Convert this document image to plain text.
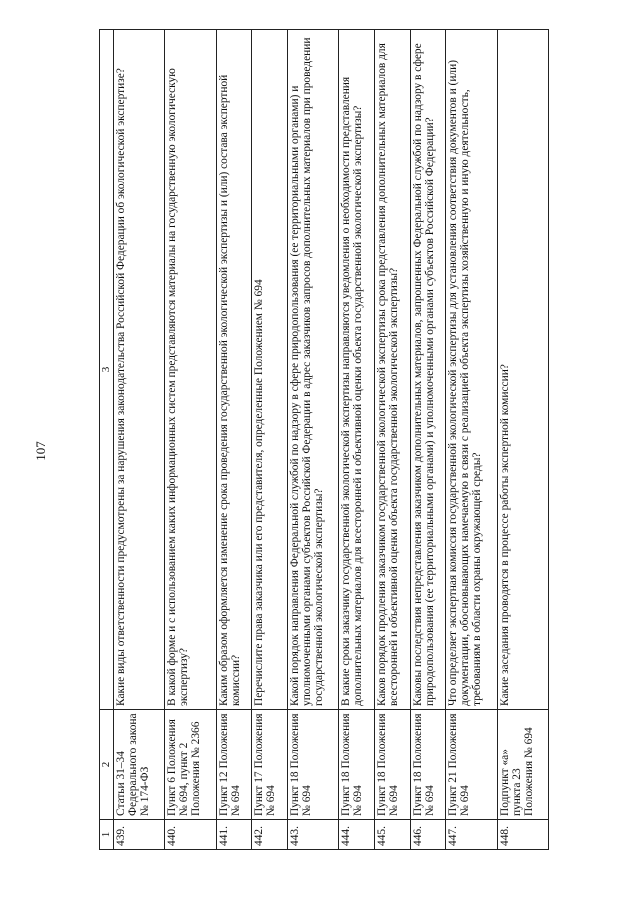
107
1	2	3
439.	Статьи 31–34 Федерального закона № 174-ФЗ	Какие виды ответственности предусмотрены за нарушения законодательства Российской Федерации об экологической экспертизе?
440.	Пункт 6 Положения № 694, пункт 2 Положения № 2366	В какой форме и с использованием каких информационных систем представляются материалы на государственную экологическую экспертизу?
441.	Пункт 12 Положения № 694	Каким образом оформляется изменение срока проведения государственной экологической экспертизы и (или) состава экспертной комиссии?
442.	Пункт 17 Положения № 694	Перечислите права заказчика или его представителя, определенные Положением № 694
443.	Пункт 18 Положения № 694	Какой порядок направления Федеральной службой по надзору в сфере природопользования (ее территориальными органами) и уполномоченными органами субъектов Российской Федерации в адрес заказчиков запросов дополнительных материалов при проведении государственной экологической экспертизы?
444.	Пункт 18 Положения № 694	В какие сроки заказчику государственной экологической экспертизы направляются уведомления о необходимости представления дополнительных материалов для всесторонней и объективной оценки объекта государственной экологической экспертизы?
445.	Пункт 18 Положения № 694	Каков порядок продления заказчиком государственной экологической экспертизы срока представления дополнительных материалов для всесторонней и объективной оценки объекта государственной экологической экспертизы?
446.	Пункт 18 Положения № 694	Каковы последствия непредставления заказчиком дополнительных материалов, запрошенных Федеральной службой по надзору в сфере природопользования (ее территориальными органами) и уполномоченными органами субъектов Российской Федерации?
447.	Пункт 21 Положения № 694	Что определяет экспертная комиссия государственной экологической экспертизы для установления соответствия документов и (или) документации, обосновывающих намечаемую в связи с реализацией объекта экспертизы хозяйственную и иную деятельность, требованиям в области охраны окружающей среды?
448.	Подпункт «а» пункта 23 Положения № 694	Какие заседания проводятся в процессе работы экспертной комиссии?
